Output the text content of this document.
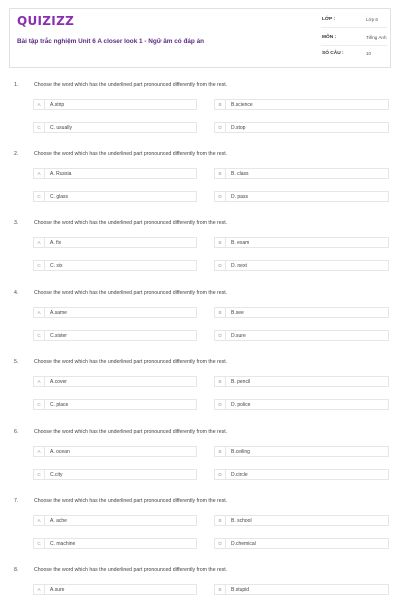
QUIZIZZ
Bài tập trắc nghiệm Unit 6 A closer look 1 - Ngữ âm có đáp án
LỚP :	Lớp 6
MÔN :	Tiếng Anh
SỐ CÂU :	10
1.	Choose the word which has the underlined part pronounced differently from the rest.
A	A.strip	B	B.science
C	C. usually	D	D.stop
2.	Choose the word which has the underlined part pronounced differently from the rest.
A	A. Russia	B	B. class
C	C. glass	D	D. pass
3.	Choose the word which has the underlined part pronounced differently from the rest.
A	A. fix	B	B. exam
C	C. six	D	D. next
4.	Choose the word which has the underlined part pronounced differently from the rest.
A	A.same	B	B.see
C	C.sister	D	D.sure
5.	Choose the word which has the underlined part pronounced differently from the rest.
A	A.cover	B	B. pencil
C	C. place	D	D. police
6.	Choose the word which has the underlined part pronounced differently from the rest.
A	A. ocean	B	B.ceiling
C	C.city	D	D.circle
7.	Choose the word which has the underlined part pronounced differently from the rest.
A	A. ache	B	B. school
C	C. machine	D	D.chemical
8.	Choose the word which has the underlined part pronounced differently from the rest.
A	A.sure	B	B.stupid
